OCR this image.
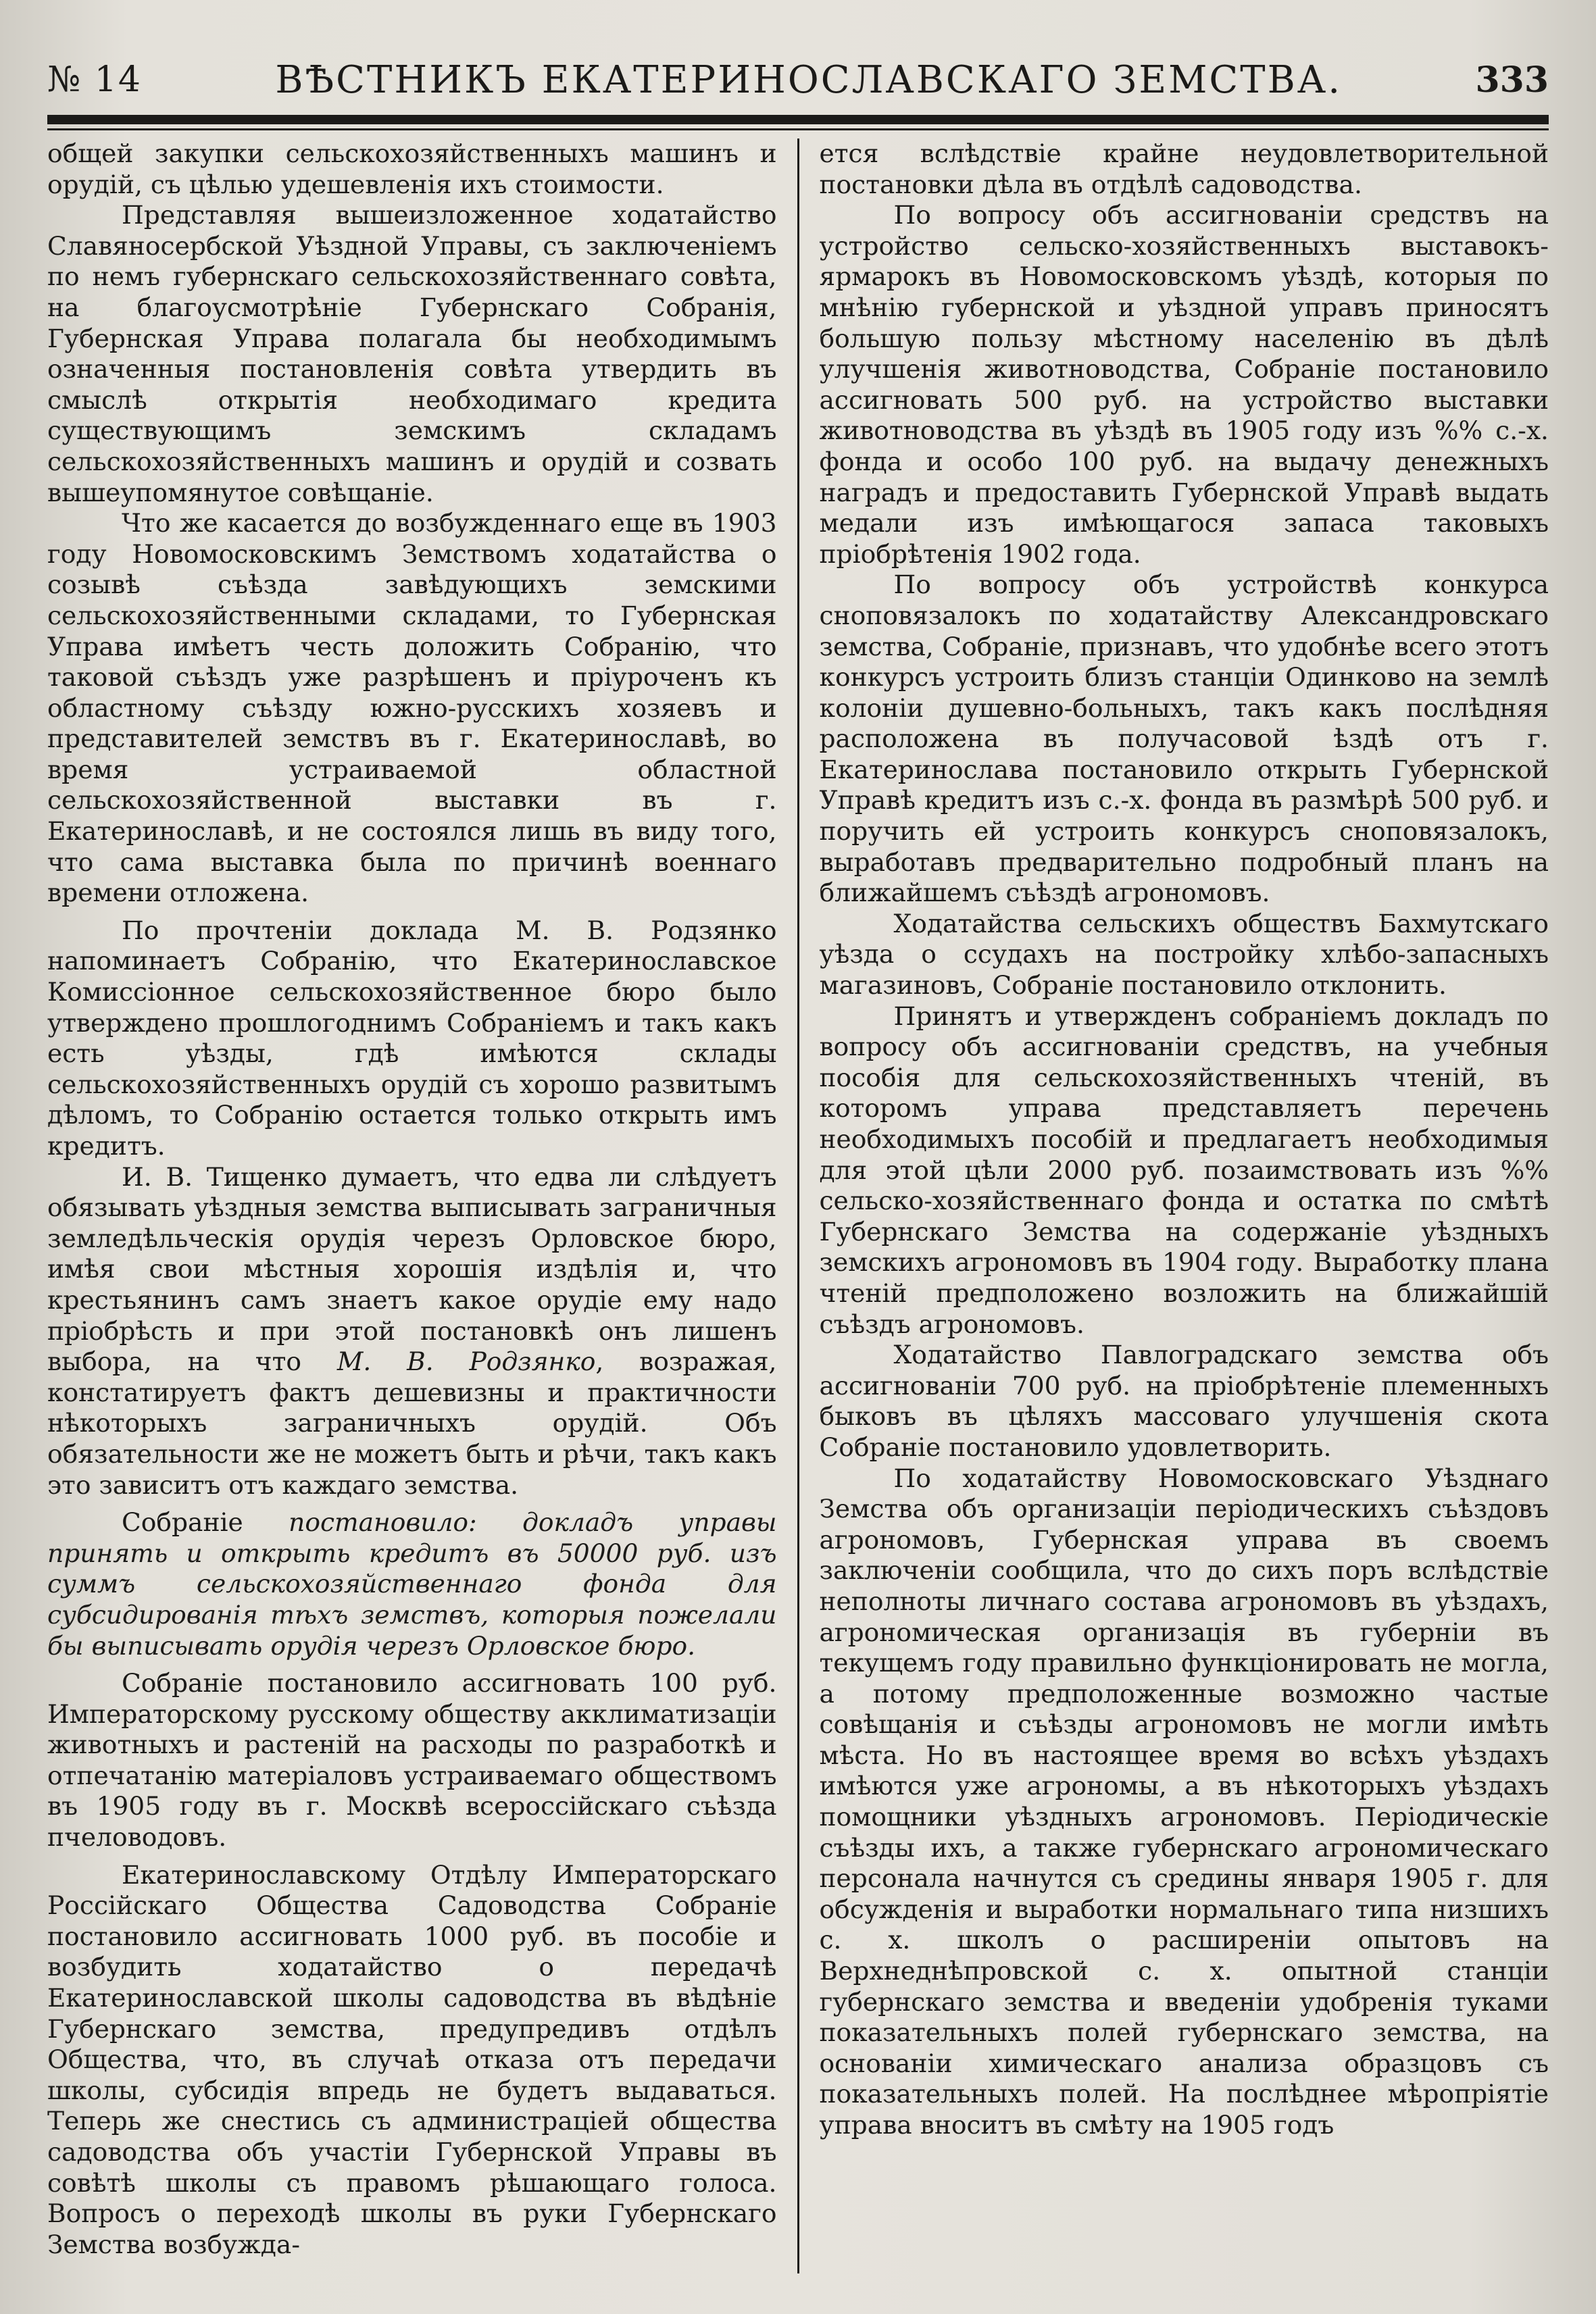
№ 14	ВѢСТНИКЪ ЕКАТЕРИНОСЛАВСКАГО ЗЕМСТВА.	333

общей закупки сельскохозяйственныхъ машинъ и орудій, съ цѣлью удешевленія ихъ стоимости.

Представляя вышеизложенное ходатайство Славяносербской Уѣздной Управы, съ заключеніемъ по немъ губернскаго сельскохозяйственнаго совѣта, на благоусмотрѣніе Губернскаго Собранія, Губернская Управа полагала бы необходимымъ означенныя постановленія совѣта утвердить въ смыслѣ открытія необходимаго кредита существующимъ земскимъ складамъ сельскохозяйственныхъ машинъ и орудій и созвать вышеупомянутое совѣщаніе.

Что же касается до возбужденнаго еще въ 1903 году Новомосковскимъ Земствомъ ходатайства о созывѣ съѣзда завѣдующихъ земскими сельскохозяйственными складами, то Губернская Управа имѣетъ честь доложить Собранію, что таковой съѣздъ уже разрѣшенъ и пріуроченъ къ областному съѣзду южно-русскихъ хозяевъ и представителей земствъ въ г. Екатеринославѣ, во время устраиваемой областной сельскохозяйственной выставки въ г. Екатеринославѣ, и не состоялся лишь въ виду того, что сама выставка была по причинѣ военнаго времени отложена.

По прочтеніи доклада М. В. Родзянко напоминаетъ Собранію, что Екатеринославское Комиссіонное сельскохозяйственное бюро было утверждено прошлогоднимъ Собраніемъ и такъ какъ есть уѣзды, гдѣ имѣются склады сельскохозяйственныхъ орудій съ хорошо развитымъ дѣломъ, то Собранію остается только открыть имъ кредитъ.

И. В. Тищенко думаетъ, что едва ли слѣдуетъ обязывать уѣздныя земства выписывать заграничныя земледѣльческія орудія черезъ Орловское бюро, имѣя свои мѣстныя хорошія издѣлія и, что крестьянинъ самъ знаетъ какое орудіе ему надо пріобрѣсть и при этой постановкѣ онъ лишенъ выбора, на что М. В. Родзянко, возражая, констатируетъ фактъ дешевизны и практичности нѣкоторыхъ заграничныхъ орудій. Объ обязательности же не можетъ быть и рѣчи, такъ какъ это зависитъ отъ каждаго земства.

Собраніе постановило: докладъ управы принять и открыть кредитъ въ 50000 руб. изъ суммъ сельскохозяйственнаго фонда для субсидированія тѣхъ земствъ, которыя пожелали бы выписывать орудія черезъ Орловское бюро.

Собраніе постановило ассигновать 100 руб. Императорскому русскому обществу акклиматизаціи животныхъ и растеній на расходы по разработкѣ и отпечатанію матеріаловъ устраиваемаго обществомъ въ 1905 году въ г. Москвѣ всероссійскаго съѣзда пчеловодовъ.

Екатеринославскому Отдѣлу Императорскаго Россійскаго Общества Садоводства Собраніе постановило ассигновать 1000 руб. въ пособіе и возбудить ходатайство о передачѣ Екатеринославской школы садоводства въ вѣдѣніе Губернскаго земства, предупредивъ отдѣлъ Общества, что, въ случаѣ отказа отъ передачи школы, субсидія впредь не будетъ выдаваться. Теперь же снестись съ администраціей общества садоводства объ участіи Губернской Управы въ совѣтѣ школы съ правомъ рѣшающаго голоса. Вопросъ о переходѣ школы въ руки Губернскаго Земства возбужда-

ется вслѣдствіе крайне неудовлетворительной постановки дѣла въ отдѣлѣ садоводства.

По вопросу объ ассигнованіи средствъ на устройство сельско-хозяйственныхъ выставокъ-ярмарокъ въ Новомосковскомъ уѣздѣ, которыя по мнѣнію губернской и уѣздной управъ приносятъ большую пользу мѣстному населенію въ дѣлѣ улучшенія животноводства, Собраніе постановило ассигновать 500 руб. на устройство выставки животноводства въ уѣздѣ въ 1905 году изъ %% с.-х. фонда и особо 100 руб. на выдачу денежныхъ наградъ и предоставить Губернской Управѣ выдать медали изъ имѣющагося запаса таковыхъ пріобрѣтенія 1902 года.

По вопросу объ устройствѣ конкурса сноповязалокъ по ходатайству Александровскаго земства, Собраніе, признавъ, что удобнѣе всего этотъ конкурсъ устроить близъ станціи Одинково на землѣ колоніи душевно-больныхъ, такъ какъ послѣдняя расположена въ получасовой ѣздѣ отъ г. Екатеринослава постановило открыть Губернской Управѣ кредитъ изъ с.-х. фонда въ размѣрѣ 500 руб. и поручить ей устроить конкурсъ сноповязалокъ, выработавъ предварительно подробный планъ на ближайшемъ съѣздѣ агрономовъ.

Ходатайства сельскихъ обществъ Бахмутскаго уѣзда о ссудахъ на постройку хлѣбо-запасныхъ магазиновъ, Собраніе постановило отклонить.

Принятъ и утвержденъ собраніемъ докладъ по вопросу объ ассигнованіи средствъ, на учебныя пособія для сельскохозяйственныхъ чтеній, въ которомъ управа представляетъ перечень необходимыхъ пособій и предлагаетъ необходимыя для этой цѣли 2000 руб. позаимствовать изъ %% сельско-хозяйственнаго фонда и остатка по смѣтѣ Губернскаго Земства на содержаніе уѣздныхъ земскихъ агрономовъ въ 1904 году. Выработку плана чтеній предположено возложить на ближайшій съѣздъ агрономовъ.

Ходатайство Павлоградскаго земства объ ассигнованіи 700 руб. на пріобрѣтеніе племенныхъ быковъ въ цѣляхъ массоваго улучшенія скота Собраніе постановило удовлетворить.

По ходатайству Новомосковскаго Уѣзднаго Земства объ организаціи періодическихъ съѣздовъ агрономовъ, Губернская управа въ своемъ заключеніи сообщила, что до сихъ поръ вслѣдствіе неполноты личнаго состава агрономовъ въ уѣздахъ, агрономическая организація въ губерніи въ текущемъ году правильно функціонировать не могла, а потому предположенные возможно частые совѣщанія и съѣзды агрономовъ не могли имѣть мѣста. Но въ настоящее время во всѣхъ уѣздахъ имѣются уже агрономы, а въ нѣкоторыхъ уѣздахъ помощники уѣздныхъ агрономовъ. Періодическіе съѣзды ихъ, а также губернскаго агрономическаго персонала начнутся съ средины января 1905 г. для обсужденія и выработки нормальнаго типа низшихъ с. х. школъ о расширеніи опытовъ на Верхнеднѣпровской с. х. опытной станціи губернскаго земства и введеніи удобренія туками показательныхъ полей губернскаго земства, на основаніи химическаго анализа образцовъ съ показательныхъ полей. На послѣднее мѣропріятіе управа вноситъ въ смѣту на 1905 годъ
